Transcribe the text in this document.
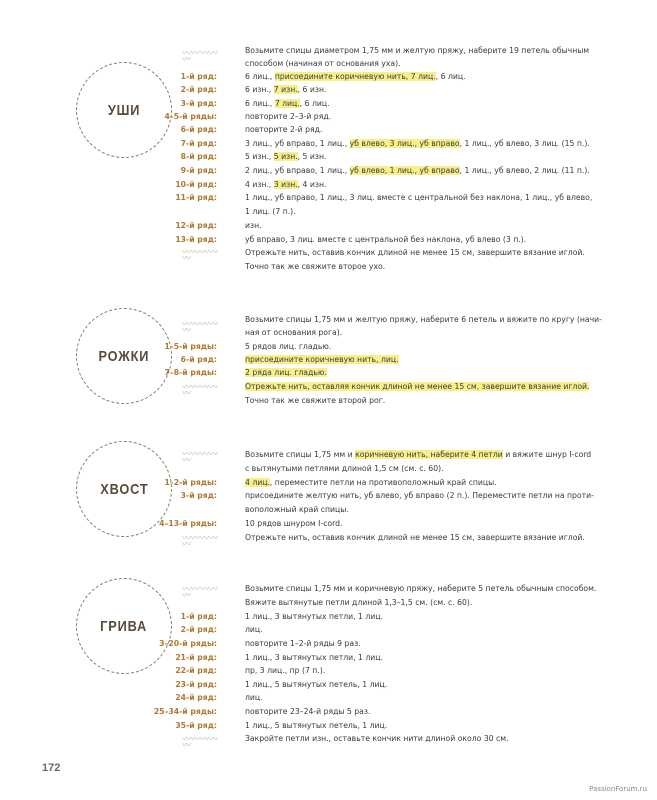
УШИ
〰〰〰〰〰
Возьмите спицы диаметром 1,75 мм и желтую пряжу, наберите 19 петель обычным
способом (начиная от основания уха).
1-й ряд:	6 лиц., присоедините коричневую нить, 7 лиц., 6 лиц.
2-й ряд:	6 изн., 7 изн., 6 изн.
3-й ряд:	6 лиц., 7 лиц., 6 лиц.
4–5-й ряды:	повторите 2–3-й ряд.
6-й ряд:	повторите 2-й ряд.
7-й ряд:	3 лиц., уб вправо, 1 лиц., уб влево, 3 лиц., уб вправо, 1 лиц., уб влево, 3 лиц. (15 п.).
8-й ряд:	5 изн., 5 изн., 5 изн.
9-й ряд:	2 лиц., уб вправо, 1 лиц., уб влево, 1 лиц., уб вправо, 1 лиц., уб влево, 2 лиц. (11 п.).
10-й ряд:	4 изн., 3 изн., 4 изн.
11-й ряд:	1 лиц., уб вправо, 1 лиц., 3 лиц. вместе с центральной без наклона, 1 лиц., уб влево,
1 лиц. (7 п.).
12-й ряд:	изн.
13-й ряд:	уб вправо, 3 лиц. вместе с центральной без наклона, уб влево (3 п.).
〰〰〰〰〰
Отрежьте нить, оставив кончик длиной не менее 15 см, завершите вязание иглой.
Точно так же свяжите второе ухо.
РОЖКИ
〰〰〰〰〰
Возьмите спицы 1,75 мм и желтую пряжу, наберите 6 петель и вяжите по кругу (начи-
ная от основания рога).
1–5-й ряды:	5 рядов лиц. гладью.
6-й ряд:	присоедините коричневую нить, лиц.
7–8-й ряды:	2 ряда лиц. гладью.
〰〰〰〰〰
Отрежьте нить, оставляя кончик длиной не менее 15 см, завершите вязание иглой.
Точно так же свяжите второй рог.
ХВОСТ
〰〰〰〰〰
Возьмите спицы 1,75 мм и коричневую нить, наберите 4 петли и вяжите шнур I-cord
с вытянутыми петлями длиной 1,5 см (см. с. 60).
1–2-й ряды:	4 лиц., переместите петли на противоположный край спицы.
3-й ряд:	присоедините желтую нить, уб влево, уб вправо (2 п.). Переместите петли на проти-
воположный край спицы.
4–13-й ряды:	10 рядов шнуром I-cord.
〰〰〰〰〰
Отрежьте нить, оставив кончик длиной не менее 15 см, завершите вязание иглой.
ГРИВА
〰〰〰〰〰
Возьмите спицы 1,75 мм и коричневую пряжу, наберите 5 петель обычным способом.
Вяжите вытянутые петли длиной 1,3–1,5 см. (см. с. 60).
1-й ряд:	1 лиц., 3 вытянутых петли, 1 лиц.
2-й ряд:	лиц.
3–20-й ряды:	повторите 1–2-й ряды 9 раз.
21-й ряд:	1 лиц., 3 вытянутых петли, 1 лиц.
22-й ряд:	пр, 3 лиц., пр (7 п.).
23-й ряд:	1 лиц., 5 вытянутых петель, 1 лиц.
24-й ряд:	лиц.
25–34-й ряды:	повторите 23–24-й ряды 5 раз.
35-й ряд:	1 лиц., 5 вытянутых петель, 1 лиц.
〰〰〰〰〰
Закройте петли изн., оставьте кончик нити длиной около 30 см.
172
PassionForum.ru
